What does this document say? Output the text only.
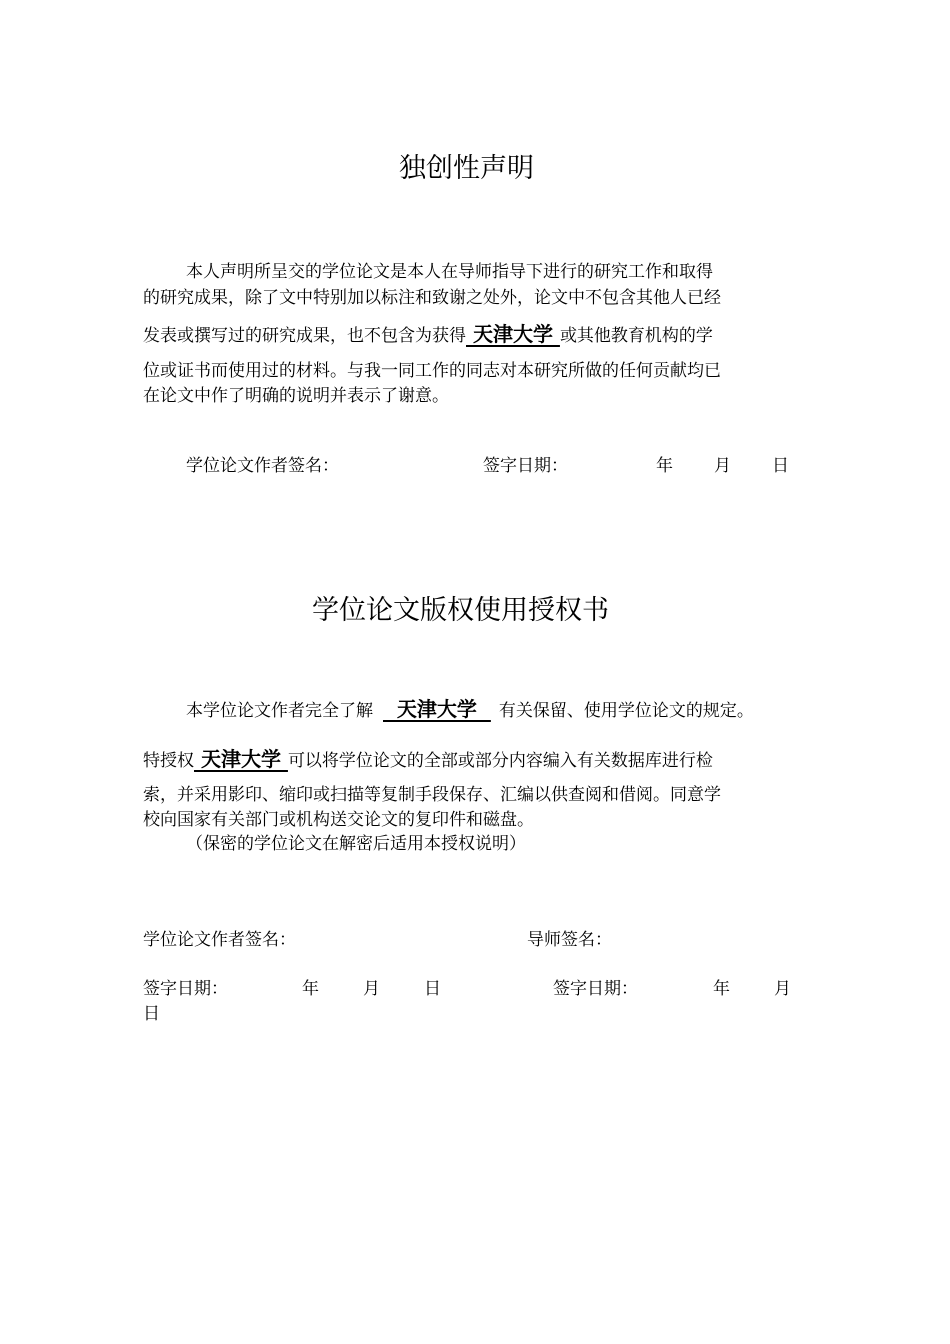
独创性声明
本人声明所呈交的学位论文是本人在导师指导下进行的研究工作和取得
的研究成果，除了文中特别加以标注和致谢之处外，论文中不包含其他人已经
发表或撰写过的研究成果，也不包含为获得 天津大学 或其他教育机构的学
位或证书而使用过的材料。与我一同工作的同志对本研究所做的任何贡献均已
在论文中作了明确的说明并表示了谢意。
学位论文作者签名：	签字日期：	年 月 日
学位论文版权使用授权书
本学位论文作者完全了解  天津大学  有关保留、使用学位论文的规定。
特授权 天津大学 可以将学位论文的全部或部分内容编入有关数据库进行检
索，并采用影印、缩印或扫描等复制手段保存、汇编以供查阅和借阅。同意学
校向国家有关部门或机构送交论文的复印件和磁盘。
（保密的学位论文在解密后适用本授权说明）
学位论文作者签名：	导师签名：
签字日期：	年	月	日	签字日期：	年	月
日
